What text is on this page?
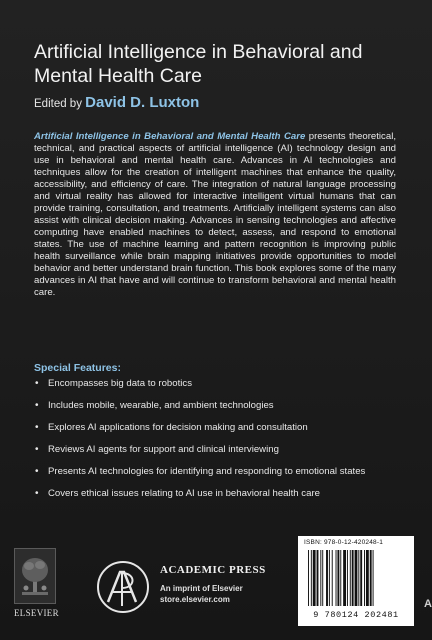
Artificial Intelligence in Behavioral and Mental Health Care
Edited by David D. Luxton

Artificial Intelligence in Behavioral and Mental Health Care presents theoretical, technical, and practical aspects of artificial intelligence (AI) technology design and use in behavioral and mental health care. Advances in AI technologies and techniques allow for the creation of intelligent machines that enhance the quality, accessibility, and efficiency of care. The integration of natural language processing and virtual reality has allowed for interactive intelligent virtual humans that can provide training, consultation, and treatments. Artificially intelligent systems can also assist with clinical decision making. Advances in sensing technologies and affective computing have enabled machines to detect, assess, and respond to emotional states. The use of machine learning and pattern recognition is improving public health surveillance while brain mapping initiatives provide opportunities to model behavior and better understand brain function. This book explores some of the many advances in AI that have and will continue to transform behavioral and mental health care.

Special Features:
• Encompasses big data to robotics
• Includes mobile, wearable, and ambient technologies
• Explores AI applications for decision making and consultation
• Reviews AI agents for support and clinical interviewing
• Presents AI technologies for identifying and responding to emotional states
• Covers ethical issues relating to AI use in behavioral health care
ELSEVIER
ACADEMIC PRESS
An imprint of Elsevier
store.elsevier.com
ISBN: 978-0-12-420248-1
9 780124 202481
A
